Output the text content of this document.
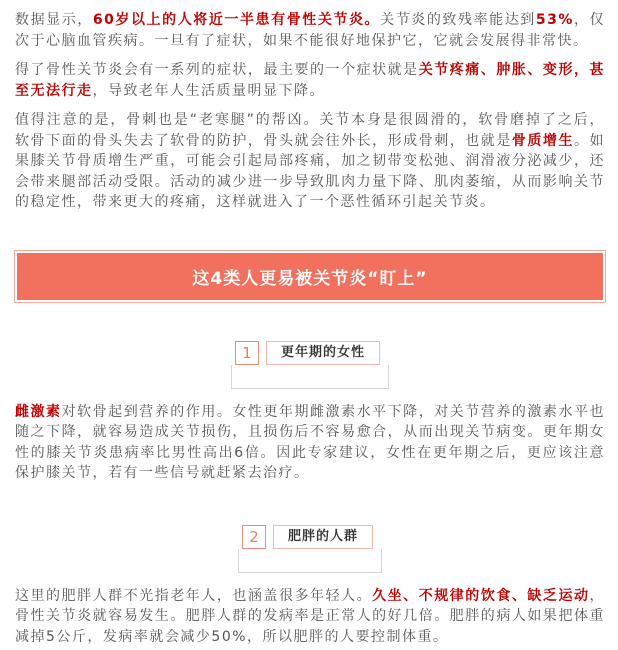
数据显示，60岁以上的人将近一半患有骨性关节炎。关节炎的致残率能达到53%，仅次于心脑血管疾病。一旦有了症状，如果不能很好地保护它，它就会发展得非常快。

得了骨性关节炎会有一系列的症状，最主要的一个症状就是关节疼痛、肿胀、变形，甚至无法行走，导致老年人生活质量明显下降。

值得注意的是，骨刺也是“老寒腿”的帮凶。关节本身是很圆滑的，软骨磨掉了之后，软骨下面的骨头失去了软骨的防护，骨头就会往外长，形成骨刺，也就是骨质增生。如果膝关节骨质增生严重，可能会引起局部疼痛，加之韧带变松弛、润滑液分泌减少，还会带来腿部活动受限。活动的减少进一步导致肌肉力量下降、肌肉萎缩，从而影响关节的稳定性，带来更大的疼痛，这样就进入了一个恶性循环引起关节炎。

这4类人更易被关节炎“盯上”
1	更年期的女性

雌激素对软骨起到营养的作用。女性更年期雌激素水平下降，对关节营养的激素水平也随之下降，就容易造成关节损伤，且损伤后不容易愈合，从而出现关节病变。更年期女性的膝关节炎患病率比男性高出6倍。因此专家建议，女性在更年期之后，更应该注意保护膝关节，若有一些信号就赶紧去治疗。

2	肥胖的人群

这里的肥胖人群不光指老年人，也涵盖很多年轻人。久坐、不规律的饮食、缺乏运动，骨性关节炎就容易发生。肥胖人群的发病率是正常人的好几倍。肥胖的病人如果把体重减掉5公斤，发病率就会减少50%，所以肥胖的人要控制体重。
